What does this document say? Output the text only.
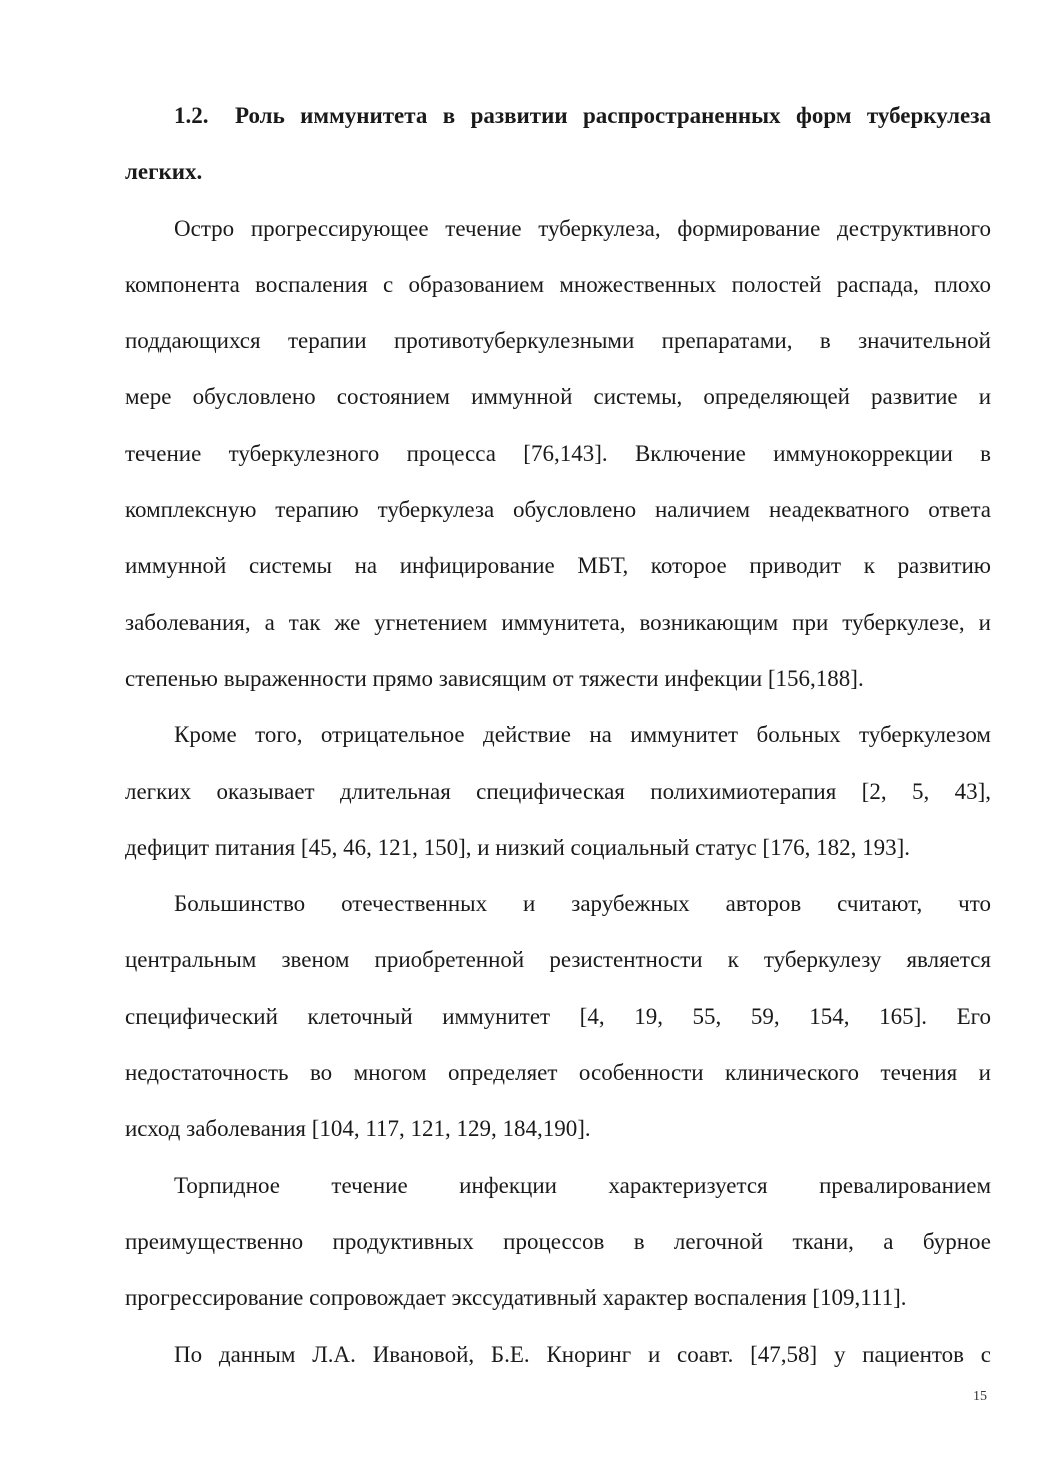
1.2. Роль иммунитета в развитии распространенных форм туберкулеза
легких.
Остро прогрессирующее течение туберкулеза, формирование деструктивного
компонента воспаления с образованием множественных полостей распада, плохо
поддающихся терапии противотуберкулезными препаратами, в значительной
мере обусловлено состоянием иммунной системы, определяющей развитие и
течение туберкулезного процесса [76,143]. Включение иммунокоррекции в
комплексную терапию туберкулеза обусловлено наличием неадекватного ответа
иммунной системы на инфицирование МБТ, которое приводит к развитию
заболевания, а так же угнетением иммунитета, возникающим при туберкулезе, и
степенью выраженности прямо зависящим от тяжести инфекции [156,188].
Кроме того, отрицательное действие на иммунитет больных туберкулезом
легких оказывает длительная специфическая полихимиотерапия [2, 5, 43],
дефицит питания [45, 46, 121, 150], и низкий социальный статус [176, 182, 193].
Большинство отечественных и зарубежных авторов считают, что
центральным звеном приобретенной резистентности к туберкулезу является
специфический клеточный иммунитет [4, 19, 55, 59, 154, 165]. Его
недостаточность во многом определяет особенности клинического течения и
исход заболевания [104, 117, 121, 129, 184,190].
Торпидное течение инфекции характеризуется превалированием
преимущественно продуктивных процессов в легочной ткани, а бурное
прогрессирование сопровождает экссудативный характер воспаления [109,111].
По данным Л.А. Ивановой, Б.Е. Кноринг и соавт. [47,58] у пациентов с
15
